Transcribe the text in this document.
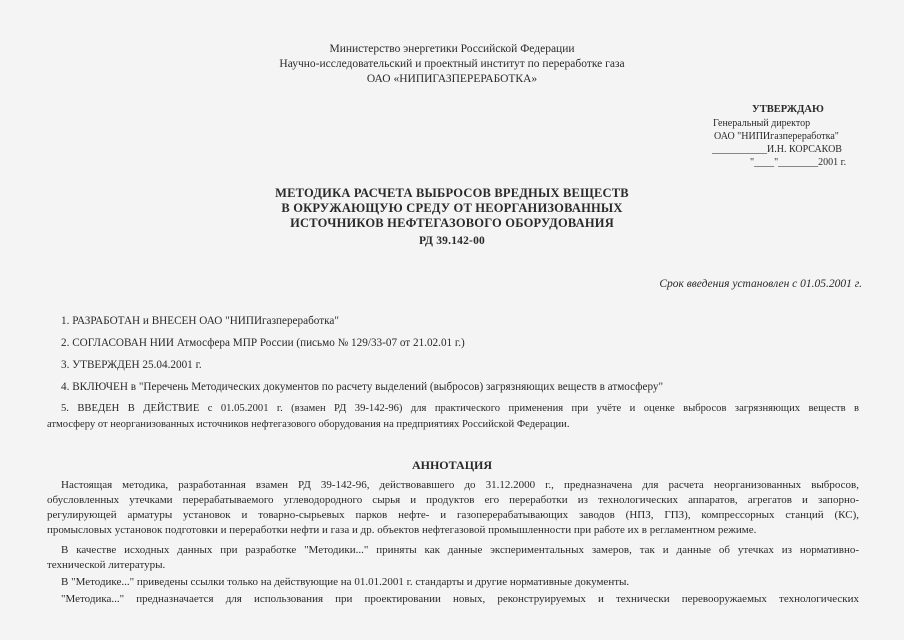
Министерство энергетики Российской Федерации
Научно-исследовательский и проектный институт по переработке газа
ОАО «НИПИГАЗПЕРЕРАБОТКА»
УТВЕРЖДАЮ
Генеральный директор
ОАО "НИПИгазпереработка"
___________И.Н. КОРСАКОВ
"____"________2001 г.
МЕТОДИКА РАСЧЕТА ВЫБРОСОВ ВРЕДНЫХ ВЕЩЕСТВ
В ОКРУЖАЮЩУЮ СРЕДУ ОТ НЕОРГАНИЗОВАННЫХ
ИСТОЧНИКОВ НЕФТЕГАЗОВОГО ОБОРУДОВАНИЯ
РД 39.142-00
Срок введения установлен с 01.05.2001 г.
1. РАЗРАБОТАН и ВНЕСЕН ОАО "НИПИгазпереработка"
2. СОГЛАСОВАН НИИ Атмосфера МПР России (письмо № 129/33-07 от 21.02.01 г.)
3. УТВЕРЖДЕН 25.04.2001 г.
4. ВКЛЮЧЕН в "Перечень Методических документов по расчету выделений (выбросов) загрязняющих веществ в атмосферу"
5. ВВЕДЕН В ДЕЙСТВИЕ с 01.05.2001 г. (взамен РД 39-142-96) для практического применения при учёте и оценке выбросов загрязняющих веществ в
атмосферу от неорганизованных источников нефтегазового оборудования на предприятиях Российской Федерации.
АННОТАЦИЯ
Настоящая методика, разработанная взамен РД 39-142-96, действовавшего до 31.12.2000 г., предназначена для расчета неорганизованных выбросов,
обусловленных утечками перерабатываемого углеводородного сырья и продуктов его переработки из технологических аппаратов, агрегатов и запорно-
регулирующей арматуры установок и товарно-сырьевых парков нефте- и газоперерабатывающих заводов (НПЗ, ГПЗ), компрессорных станций (КС),
промысловых установок подготовки и переработки нефти и газа и др. объектов нефтегазовой промышленности при работе их в регламентном режиме.
В качестве исходных данных при разработке "Методики..." приняты как данные экспериментальных замеров, так и данные об утечках из нормативно-
технической литературы.
В "Методике..." приведены ссылки только на действующие на 01.01.2001 г. стандарты и другие нормативные документы.
"Методика..." предназначается для использования при проектировании новых, реконструируемых и технически перевооружаемых технологических
